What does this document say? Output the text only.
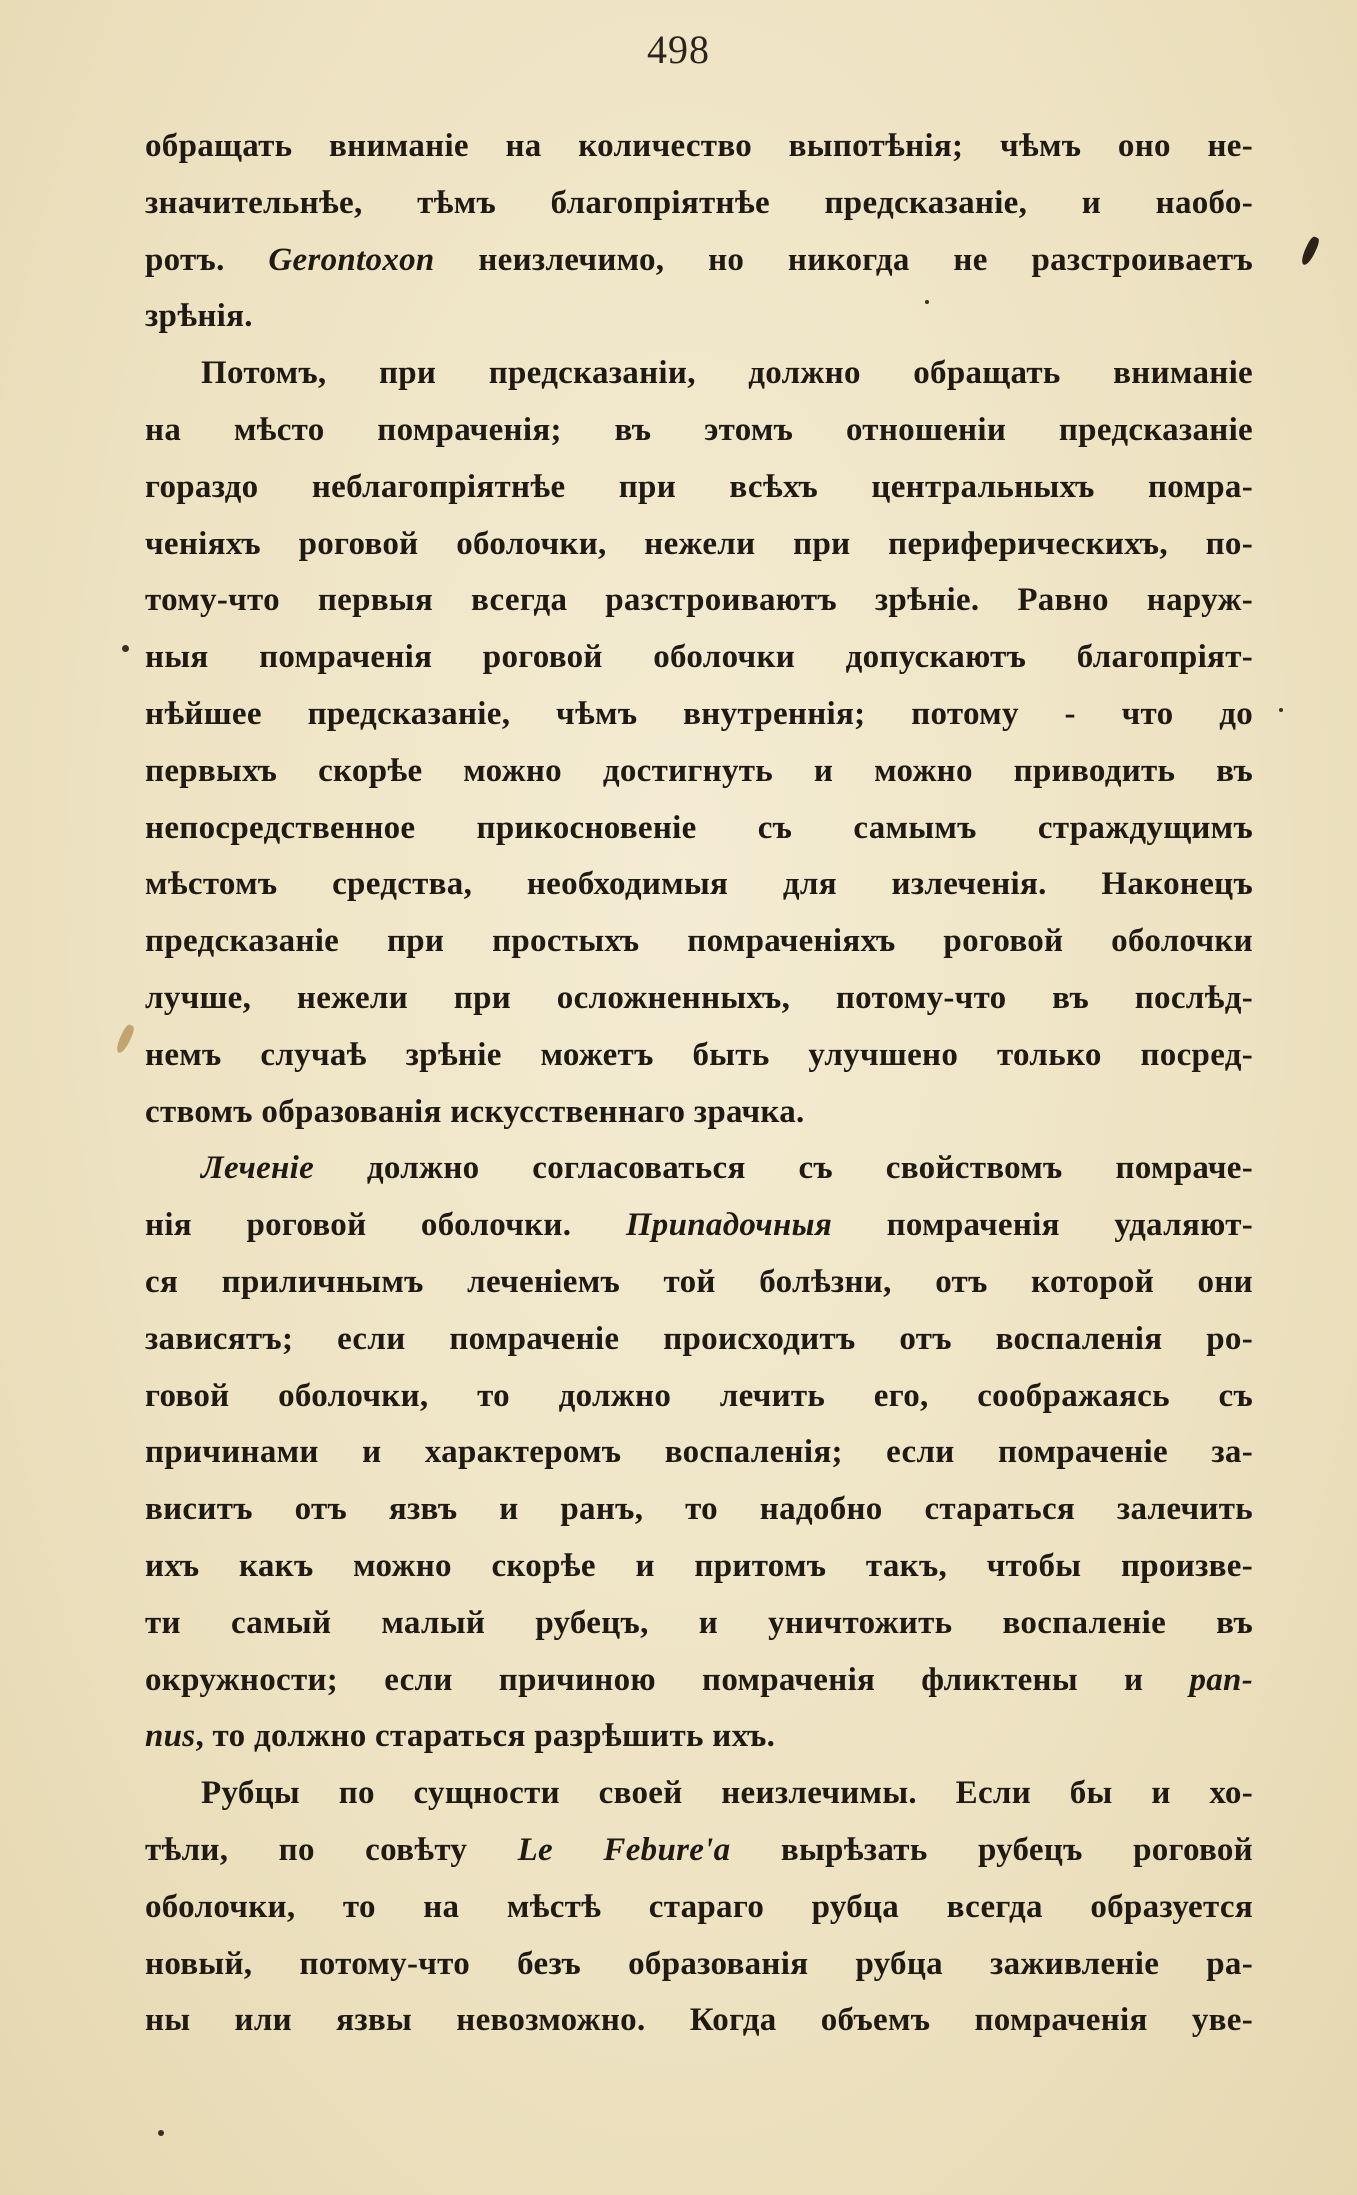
498
обращать вниманіе на количество выпотѣнія; чѣмъ оно не-
значительнѣе, тѣмъ благопріятнѣе предсказаніе, и наобо-
ротъ. Gerontoxon неизлечимо, но никогда не разстроиваетъ
зрѣнія.
Потомъ, при предсказаніи, должно обращать вниманіе
на мѣсто помраченія; въ этомъ отношеніи предсказаніе
гораздо неблагопріятнѣе при всѣхъ центральныхъ помра-
ченіяхъ роговой оболочки, нежели при периферическихъ, по-
тому-что первыя всегда разстроиваютъ зрѣніе. Равно наруж-
ныя помраченія роговой оболочки допускаютъ благопріят-
нѣйшее предсказаніе, чѣмъ внутреннія; потому - что до
первыхъ скорѣе можно достигнуть и можно приводить въ
непосредственное прикосновеніе съ самымъ страждущимъ
мѣстомъ средства, необходимыя для излеченія. Наконецъ
предсказаніе при простыхъ помраченіяхъ роговой оболочки
лучше, нежели при осложненныхъ, потому-что въ послѣд-
немъ случаѣ зрѣніе можетъ быть улучшено только посред-
ствомъ образованія искусственнаго зрачка.
Леченіе должно согласоваться съ свойствомъ помраче-
нія роговой оболочки. Припадочныя помраченія удаляют-
ся приличнымъ леченіемъ той болѣзни, отъ которой они
зависятъ; если помраченіе происходитъ отъ воспаленія ро-
говой оболочки, то должно лечить его, соображаясь съ
причинами и характеромъ воспаленія; если помраченіе за-
виситъ отъ язвъ и ранъ, то надобно стараться залечить
ихъ какъ можно скорѣе и притомъ такъ, чтобы произве-
ти самый малый рубецъ, и уничтожить воспаленіе въ
окружности; если причиною помраченія фликтены и pan-
nus, то должно стараться разрѣшить ихъ.
Рубцы по сущности своей неизлечимы. Если бы и хо-
тѣли, по совѣту Le Febure'a вырѣзать рубецъ роговой
оболочки, то на мѣстѣ стараго рубца всегда образуется
новый, потому-что безъ образованія рубца заживленіе ра-
ны или язвы невозможно. Когда объемъ помраченія уве-
